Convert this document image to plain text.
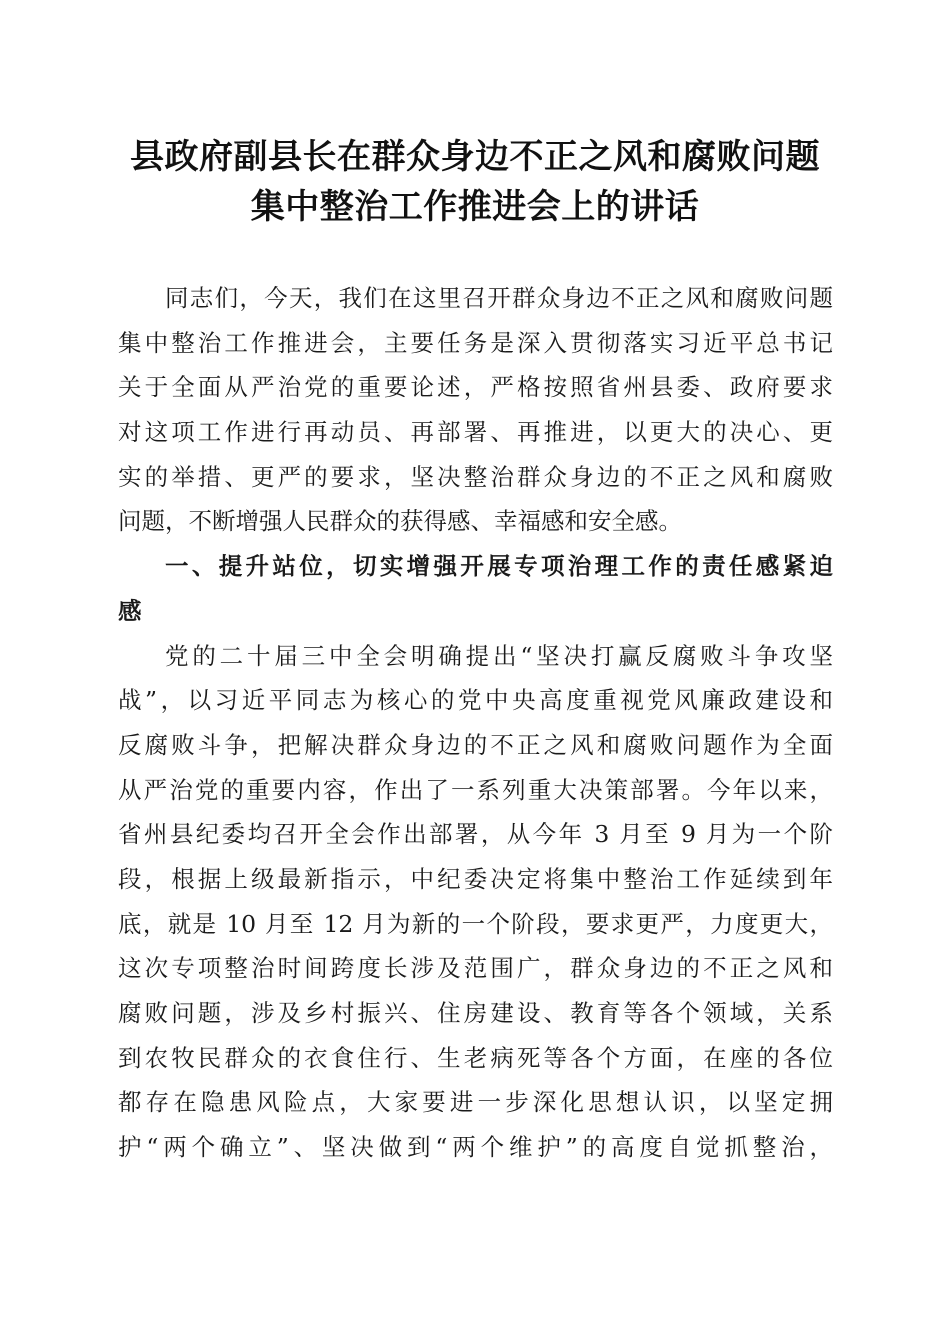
县政府副县长在群众身边不正之风和腐败问题
集中整治工作推进会上的讲话
同志们，今天，我们在这里召开群众身边不正之风和腐败问题
集中整治工作推进会，主要任务是深入贯彻落实习近平总书记
关于全面从严治党的重要论述，严格按照省州县委、政府要求
对这项工作进行再动员、再部署、再推进，以更大的决心、更
实的举措、更严的要求，坚决整治群众身边的不正之风和腐败
问题，不断增强人民群众的获得感、幸福感和安全感。
一、提升站位，切实增强开展专项治理工作的责任感紧迫
感
党的二十届三中全会明确提出“坚决打赢反腐败斗争攻坚
战”，以习近平同志为核心的党中央高度重视党风廉政建设和
反腐败斗争，把解决群众身边的不正之风和腐败问题作为全面
从严治党的重要内容，作出了一系列重大决策部署。今年以来，
省州县纪委均召开全会作出部署，从今年 3 月至 9 月为一个阶
段，根据上级最新指示，中纪委决定将集中整治工作延续到年
底，就是 10 月至 12 月为新的一个阶段，要求更严，力度更大，
这次专项整治时间跨度长涉及范围广，群众身边的不正之风和
腐败问题，涉及乡村振兴、住房建设、教育等各个领域，关系
到农牧民群众的衣食住行、生老病死等各个方面，在座的各位
都存在隐患风险点，大家要进一步深化思想认识，以坚定拥
护“两个确立”、坚决做到“两个维护”的高度自觉抓整治，
